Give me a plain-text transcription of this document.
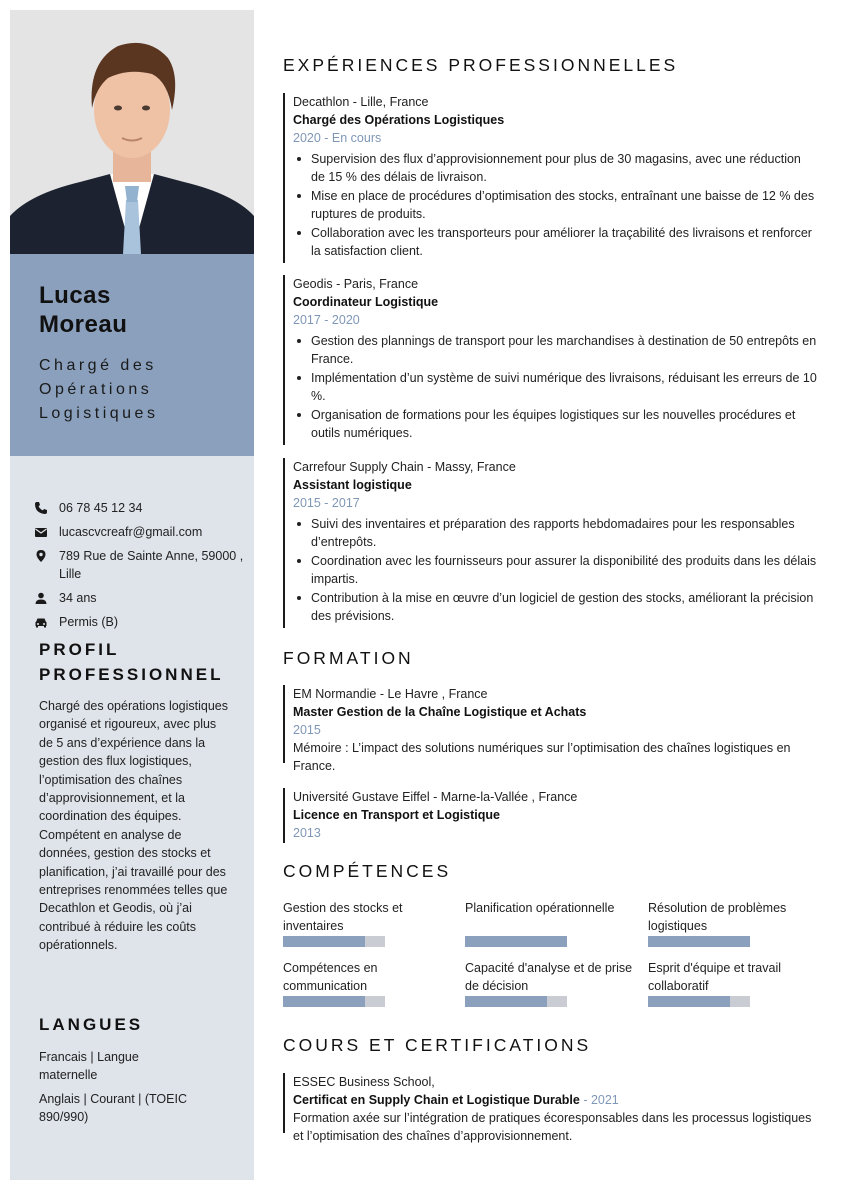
Lucas
Moreau
Chargé des
Opérations
Logistiques
06 78 45 12 34
lucascvcreafr@gmail.com
789 Rue de Sainte Anne, 59000 , Lille
34 ans
Permis (B)
PROFIL
PROFESSIONNEL
Chargé des opérations logistiques organisé et rigoureux, avec plus de 5 ans d’expérience dans la gestion des flux logistiques, l’optimisation des chaînes d’approvisionnement, et la coordination des équipes. Compétent en analyse de données, gestion des stocks et planification, j’ai travaillé pour des entreprises renommées telles que Decathlon et Geodis, où j’ai contribué à réduire les coûts opérationnels.
LANGUES
Francais | Langue maternelle
Anglais | Courant | (TOEIC 890/990)
EXPÉRIENCES PROFESSIONNELLES
Decathlon - Lille, France
Chargé des Opérations Logistiques
2020 - En cours
Supervision des flux d’approvisionnement pour plus de 30 magasins, avec une réduction de 15 % des délais de livraison.
Mise en place de procédures d’optimisation des stocks, entraînant une baisse de 12 % des ruptures de produits.
Collaboration avec les transporteurs pour améliorer la traçabilité des livraisons et renforcer la satisfaction client.
Geodis - Paris, France
Coordinateur Logistique
2017 - 2020
Gestion des plannings de transport pour les marchandises à destination de 50 entrepôts en France.
Implémentation d’un système de suivi numérique des livraisons, réduisant les erreurs de 10 %.
Organisation de formations pour les équipes logistiques sur les nouvelles procédures et outils numériques.
Carrefour Supply Chain - Massy, France
Assistant logistique
2015 - 2017
Suivi des inventaires et préparation des rapports hebdomadaires pour les responsables d’entrepôts.
Coordination avec les fournisseurs pour assurer la disponibilité des produits dans les délais impartis.
Contribution à la mise en œuvre d’un logiciel de gestion des stocks, améliorant la précision des prévisions.
FORMATION
EM Normandie - Le Havre , France
Master Gestion de la Chaîne Logistique et Achats
2015
Mémoire : L’impact des solutions numériques sur l’optimisation des chaînes logistiques en France.
Université Gustave Eiffel - Marne-la-Vallée , France
Licence en Transport et Logistique
2013
COMPÉTENCES
Gestion des stocks et inventaires
Planification opérationnelle	Résolution de problèmes logistiques
Compétences en communication
Capacité d'analyse et de prise de décision
Esprit d'équipe et travail collaboratif
COURS ET CERTIFICATIONS
ESSEC Business School,
Certificat en Supply Chain et Logistique Durable - 2021
Formation axée sur l’intégration de pratiques écoresponsables dans les processus logistiques et l’optimisation des chaînes d’approvisionnement.
